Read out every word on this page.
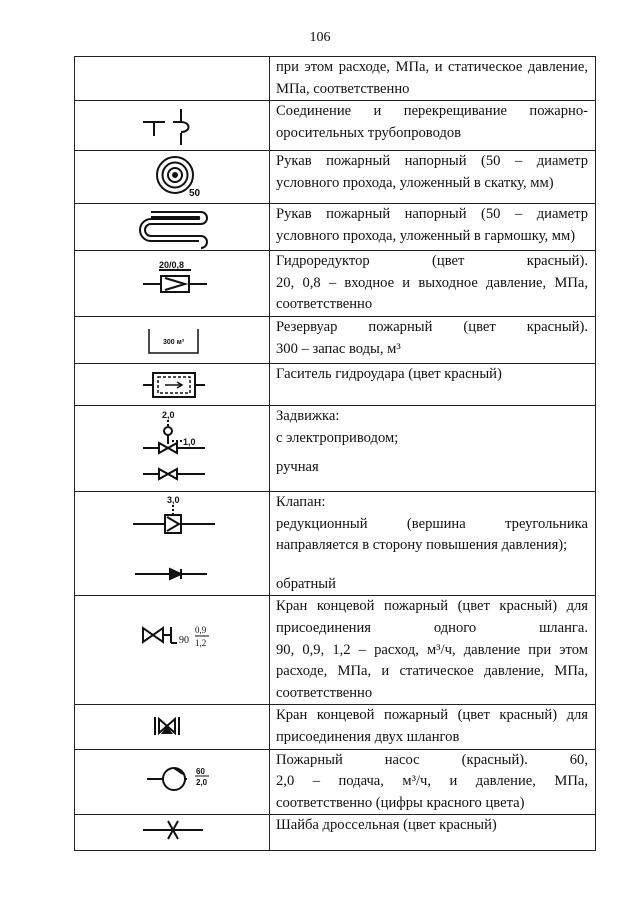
106

	при этом расходе, МПа, и статическое давление,
МПа, соответственно

Соединение и перекрещивание пожарно-
оросительных трубопроводов

50	Рукав пожарный напорный (50 – диаметр
условного прохода, уложенный в скатку, мм)

Рукав пожарный напорный (50 – диаметр
условного прохода, уложенный в гармошку, мм)

20/0,8	Гидроредуктор (цвет красный).
20, 0,8 – входное и выходное давление, МПа,
соответственно

300 м³	Резервуар пожарный (цвет красный).
300 – запас воды, м³

Гаситель гидроудара (цвет красный)

2,0
1,0	Задвижка:
с электроприводом;
ручная

3,0	Клапан:
редукционный (вершина треугольника
направляется в сторону повышения давления);
обратный

90
0,9
1,2	Кран концевой пожарный (цвет красный) для
присоединения одного шланга.
90, 0,9, 1,2 – расход, м³/ч, давление при этом
расходе, МПа, и статическое давление, МПа,
соответственно

Кран концевой пожарный (цвет красный) для
присоединения двух шлангов

60
2,0	Пожарный насос (красный). 60,
2,0 – подача, м³/ч, и давление, МПа,
соответственно (цифры красного цвета)

Шайба дроссельная (цвет красный)
